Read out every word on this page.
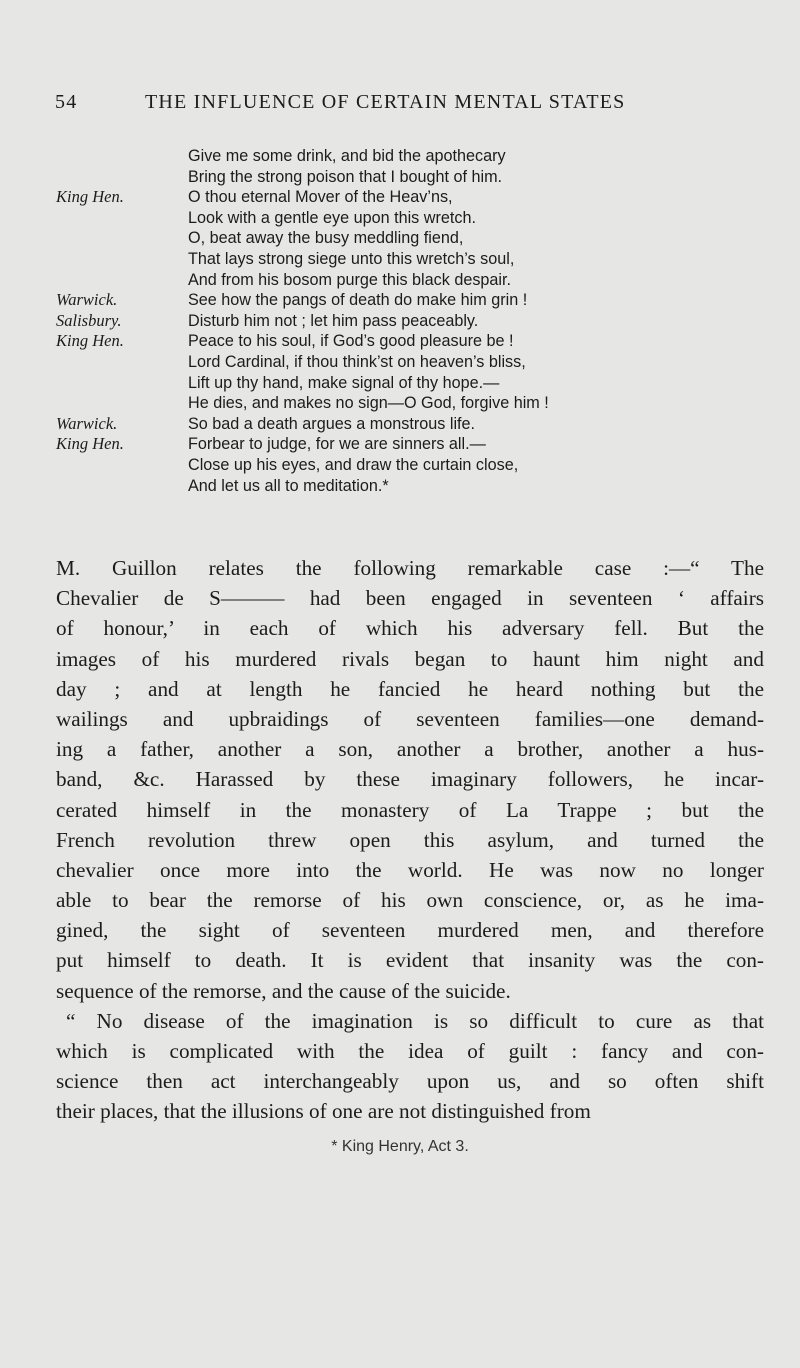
54	THE INFLUENCE OF CERTAIN MENTAL STATES
Give me some drink, and bid the apothecary
Bring the strong poison that I bought of him.
King Hen.	O thou eternal Mover of the Heav’ns,
Look with a gentle eye upon this wretch.
O, beat away the busy meddling fiend,
That lays strong siege unto this wretch’s soul,
And from his bosom purge this black despair.
Warwick.	See how the pangs of death do make him grin !
Salisbury.	Disturb him not ; let him pass peaceably.
King Hen.	Peace to his soul, if God’s good pleasure be !
Lord Cardinal, if thou think’st on heaven’s bliss,
Lift up thy hand, make signal of thy hope.—
He dies, and makes no sign—O God, forgive him !
Warwick.	So bad a death argues a monstrous life.
King Hen.	Forbear to judge, for we are sinners all.—
Close up his eyes, and draw the curtain close,
And let us all to meditation.*
M. Guillon relates the following remarkable case :—“ The
Chevalier de S——— had been engaged in seventeen ‘ affairs
of honour,’ in each of which his adversary fell. But the
images of his murdered rivals began to haunt him night and
day ; and at length he fancied he heard nothing but the
wailings and upbraidings of seventeen families—one demand-
ing a father, another a son, another a brother, another a hus-
band, &c. Harassed by these imaginary followers, he incar-
cerated himself in the monastery of La Trappe ; but the
French revolution threw open this asylum, and turned the
chevalier once more into the world. He was now no longer
able to bear the remorse of his own conscience, or, as he ima-
gined, the sight of seventeen murdered men, and therefore
put himself to death. It is evident that insanity was the con-
sequence of the remorse, and the cause of the suicide.
“ No disease of the imagination is so difficult to cure as that
which is complicated with the idea of guilt : fancy and con-
science then act interchangeably upon us, and so often shift
their places, that the illusions of one are not distinguished from
* King Henry, Act 3.
